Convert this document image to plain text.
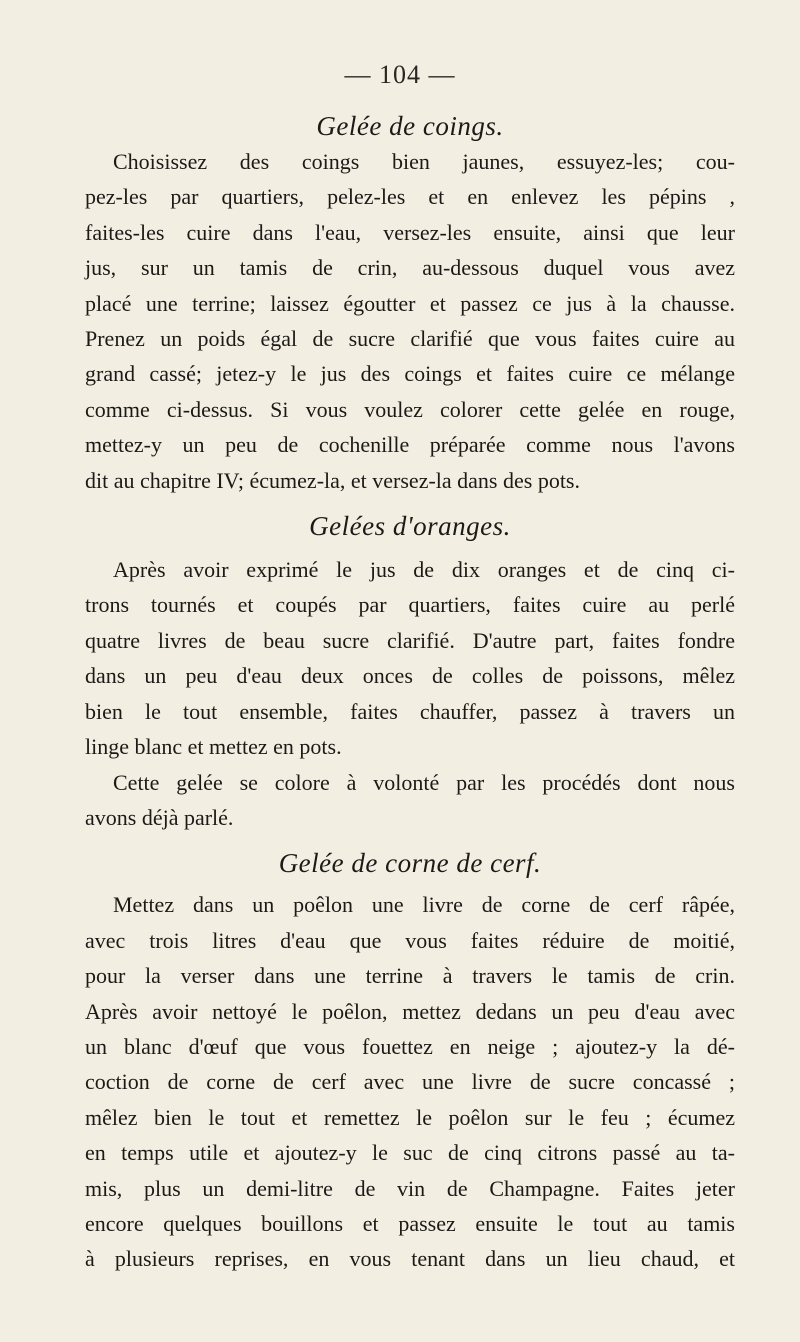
— 104 —
Gelée de coings.
Choisissez des coings bien jaunes, essuyez-les; cou-
pez-les par quartiers, pelez-les et en enlevez les pépins ,
faites-les cuire dans l'eau, versez-les ensuite, ainsi que leur
jus, sur un tamis de crin, au-dessous duquel vous avez
placé une terrine; laissez égoutter et passez ce jus à la chausse.
Prenez un poids égal de sucre clarifié que vous faites cuire au
grand cassé; jetez-y le jus des coings et faites cuire ce mélange
comme ci-dessus. Si vous voulez colorer cette gelée en rouge,
mettez-y un peu de cochenille préparée comme nous l'avons
dit au chapitre IV; écumez-la, et versez-la dans des pots.
Gelées d'oranges.
Après avoir exprimé le jus de dix oranges et de cinq ci-
trons tournés et coupés par quartiers, faites cuire au perlé
quatre livres de beau sucre clarifié. D'autre part, faites fondre
dans un peu d'eau deux onces de colles de poissons, mêlez
bien le tout ensemble, faites chauffer, passez à travers un
linge blanc et mettez en pots.
Cette gelée se colore à volonté par les procédés dont nous
avons déjà parlé.
Gelée de corne de cerf.
Mettez dans un poêlon une livre de corne de cerf râpée,
avec trois litres d'eau que vous faites réduire de moitié,
pour la verser dans une terrine à travers le tamis de crin.
Après avoir nettoyé le poêlon, mettez dedans un peu d'eau avec
un blanc d'œuf que vous fouettez en neige ; ajoutez-y la dé-
coction de corne de cerf avec une livre de sucre concassé ;
mêlez bien le tout et remettez le poêlon sur le feu ; écumez
en temps utile et ajoutez-y le suc de cinq citrons passé au ta-
mis, plus un demi-litre de vin de Champagne. Faites jeter
encore quelques bouillons et passez ensuite le tout au tamis
à plusieurs reprises, en vous tenant dans un lieu chaud, et
